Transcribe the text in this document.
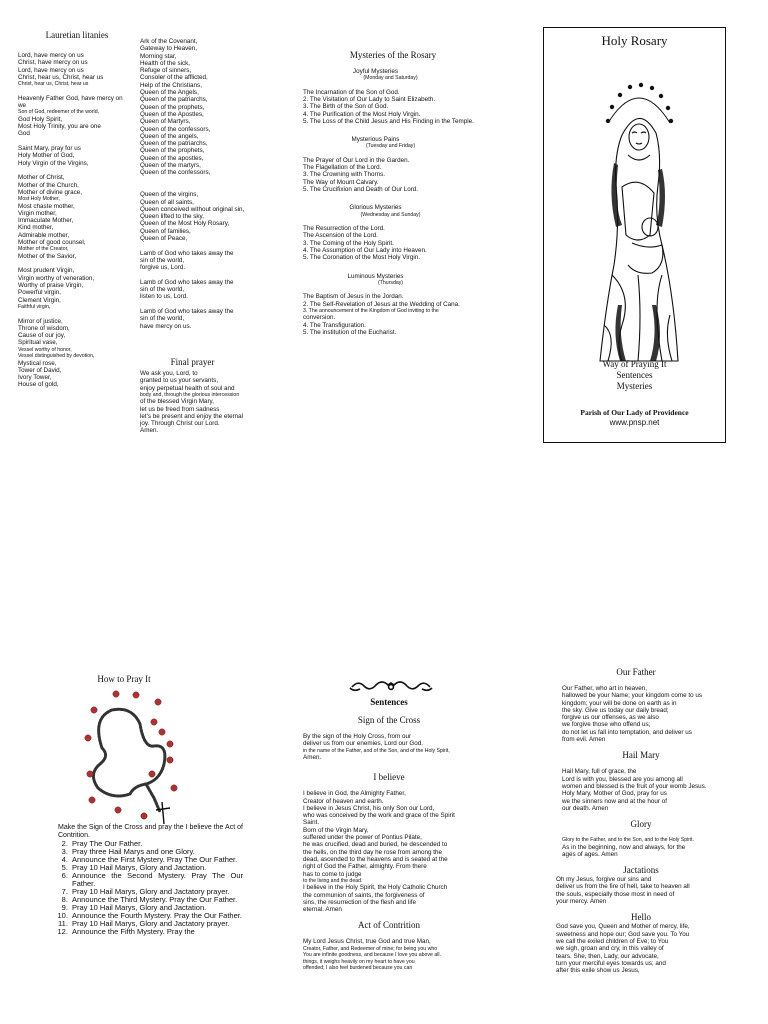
Lauretian litanies
Lord, have mercy on us
Christ, have mercy on us
Lord, have mercy on us
Christ, hear us, Christ, hear us
Christ, hear us, Christ, hear us
Heavenly Father God, have mercy on
we
Son of God, redeemer of the world,
God Holy Spirit,
Most Holy Trinity, you are one
God
Saint Mary, pray for us
Holy Mother of God,
Holy Virgin of the Virgins,
Mother of Christ,
Mother of the Church,
Mother of divine grace,
Most Holy Mother,
Most chaste mother,
Virgin mother,
Immaculate Mother,
Kind mother,
Admirable mother,
Mother of good counsel,
Mother of the Creator,
Mother of the Savior,
Most prudent Virgin,
Virgin worthy of veneration,
Worthy of praise Virgin,
Powerful virgin,
Clement Virgin,
Faithful virgin,
Mirror of justice,
Throne of wisdom,
Cause of our joy,
Spiritual vase,
Vessel worthy of honor,
Vessel distinguished by devotion,
Mystical rose,
Tower of David,
Ivory Tower,
House of gold,
Ark of the Covenant,
Gateway to Heaven,
Morning star,
Health of the sick,
Refuge of sinners,
Consoler of the afflicted,
Help of the Christians,
Queen of the Angels,
Queen of the patriarchs,
Queen of the prophets,
Queen of the Apostles,
Queen of Martyrs,
Queen of the confessors,
Queen of the angels,
Queen of the patriarchs,
Queen of the prophets,
Queen of the apostles,
Queen of the martyrs,
Queen of the confessors,
Queen of the virgins,
Queen of all saints,
Queen conceived without original sin,
Queen lifted to the sky,
Queen of the Most Holy Rosary,
Queen of families,
Queen of Peace,
Lamb of God who takes away the
sin of the world,
forgive us, Lord.
Lamb of God who takes away the
sin of the world,
listen to us, Lord.
Lamb of God who takes away the
sin of the world,
have mercy on us.
Final prayer
We ask you, Lord, to
granted to us your servants,
enjoy perpetual health of soul and
body and, through the glorious intercession
of the blessed Virgin Mary,
let us be freed from sadness
let's be present and enjoy the eternal
joy. Through Christ our Lord.
Amen.
Mysteries of the Rosary
Joyful Mysteries
(Monday and Saturday)
The Incarnation of the Son of God.
2. The Visitation of Our Lady to Saint Elizabeth.
3. The Birth of the Son of God.
4. The Purification of the Most Holy Virgin.
5. The Loss of the Child Jesus and His Finding in the Temple.
Mysterious Pains
(Tuesday and Friday)
The Prayer of Our Lord in the Garden.
The Flagellation of the Lord.
3. The Crowning with Thorns.
The Way of Mount Calvary.
5. The Crucifixion and Death of Our Lord.
Glorious Mysteries
(Wednesday and Sunday)
The Resurrection of the Lord.
The Ascension of the Lord.
3. The Coming of the Holy Spirit.
4. The Assumption of Our Lady into Heaven.
5. The Coronation of the Most Holy Virgin.
Luminous Mysteries
(Thursday)
The Baptism of Jesus in the Jordan.
2. The Self-Revelation of Jesus at the Wedding of Cana.
3. The announcement of the Kingdom of God inviting to the
conversion.
4. The Transfiguration.
5. The institution of the Eucharist.
Holy Rosary
Way of Praying It
Sentences
Mysteries
Parish of Our Lady of Providence
www.pnsp.net
How to Pray It
Make the Sign of the Cross and pray the I believe the Act of Contrition.
2. Pray The Our Father.
3. Pray three Hail Marys and one Glory.
4. Announce the First Mystery. Pray The Our Father.
5. Pray 10 Hail Marys, Glory and Jactation.
6. Announce the Second Mystery. Pray The Our Father.
7. Pray 10 Hail Marys, Glory and Jactatory prayer.
8. Announce the Third Mystery. Pray the Our Father.
9. Pray 10 Hail Marys, Glory and Jactation.
10. Announce the Fourth Mystery. Pray the Our Father.
11. Pray 10 Hail Marys, Glory and Jactatory prayer.
12. Announce the Fifth Mystery. Pray the
Sentences
Sign of the Cross
By the sign of the Holy Cross, from our
deliver us from our enemies, Lord our God.
in the name of the Father, and of the Son, and of the Holy Spirit,
Amen.
I believe
I believe in God, the Almighty Father,
Creator of heaven and earth.
I believe in Jesus Christ, his only Son our Lord,
who was conceived by the work and grace of the Spirit
Saint.
Born of the Virgin Mary,
suffered under the power of Pontius Pilate,
he was crucified, dead and buried, he descended to
the hells, on the third day he rose from among the
dead, ascended to the heavens and is seated at the
right of God the Father, almighty. From there
has to come to judge
to the living and the dead.
I believe in the Holy Spirit, the Holy Catholic Church
the communion of saints, the forgiveness of
sins, the resurrection of the flesh and life
eternal. Amen
Act of Contrition
My Lord Jesus Christ, true God and true Man,
Creator, Father, and Redeemer of mine; for being you who
You are infinite goodness, and because I love you above all.
things, it weighs heavily on my heart to have you
offended; I also feel burdened because you can
Our Father
Our Father, who art in heaven,
hallowed be your Name; your kingdom come to us
kingdom; your will be done on earth as in
the sky. Give us today our daily bread;
forgive us our offenses, as we also
we forgive those who offend us;
do not let us fall into temptation, and deliver us
from evil. Amen
Hail Mary
Hail Mary, full of grace, the
Lord is with you, blessed are you among all
women and blessed is the fruit of your womb Jesus.
Holy Mary, Mother of God, pray for us
we the sinners now and at the hour of
our death. Amen
Glory
Glory to the Father, and to the Son, and to the Holy Spirit.
As in the beginning, now and always, for the
ages of ages. Amen
Jactations
Oh my Jesus, forgive our sins and
deliver us from the fire of hell, take to heaven all
the souls, especially those most in need of
your mercy. Amen
Hello
God save you, Queen and Mother of mercy, life,
sweetness and hope our; God save you. To You
we call the exiled children of Eve; to You
we sigh, groan and cry, in this valley of
tears. She, then, Lady, our advocate,
turn your merciful eyes towards us; and
after this exile show us Jesus,
